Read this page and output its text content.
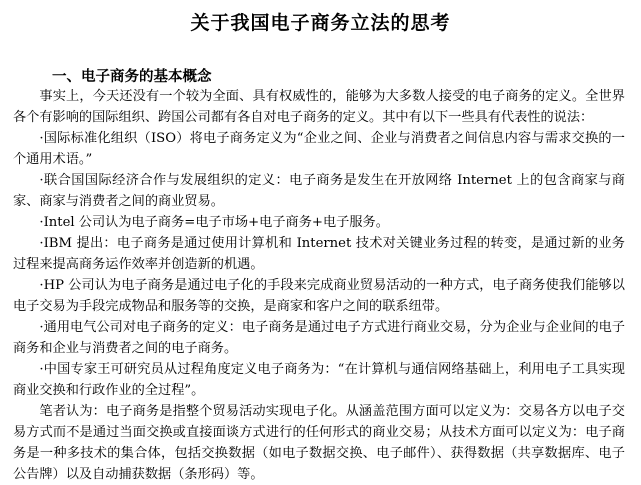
关于我国电子商务立法的思考
一、电子商务的基本概念

事实上，今天还没有一个较为全面、具有权威性的，能够为大多数人接受的电子商务的定义。全世界各个有影响的国际组织、跨国公司都有各自对电子商务的定义。其中有以下一些具有代表性的说法：

·国际标准化组织（ISO）将电子商务定义为“企业之间、企业与消费者之间信息内容与需求交换的一个通用术语。”

·联合国国际经济合作与发展组织的定义：电子商务是发生在开放网络 Internet 上的包含商家与商家、商家与消费者之间的商业贸易。

·Intel 公司认为电子商务=电子市场+电子商务+电子服务。

·IBM 提出：电子商务是通过使用计算机和 Internet 技术对关键业务过程的转变，是通过新的业务过程来提高商务运作效率并创造新的机遇。

·HP 公司认为电子商务是通过电子化的手段来完成商业贸易活动的一种方式，电子商务使我们能够以电子交易为手段完成物品和服务等的交换，是商家和客户之间的联系纽带。

·通用电气公司对电子商务的定义：电子商务是通过电子方式进行商业交易，分为企业与企业间的电子商务和企业与消费者之间的电子商务。

·中国专家王可研究员从过程角度定义电子商务为：“在计算机与通信网络基础上，利用电子工具实现商业交换和行政作业的全过程”。

笔者认为：电子商务是指整个贸易活动实现电子化。从涵盖范围方面可以定义为：交易各方以电子交易方式而不是通过当面交换或直接面谈方式进行的任何形式的商业交易；从技术方面可以定义为：电子商务是一种多技术的集合体，包括交换数据（如电子数据交换、电子邮件）、获得数据（共享数据库、电子公告牌）以及自动捕获数据（条形码）等。
